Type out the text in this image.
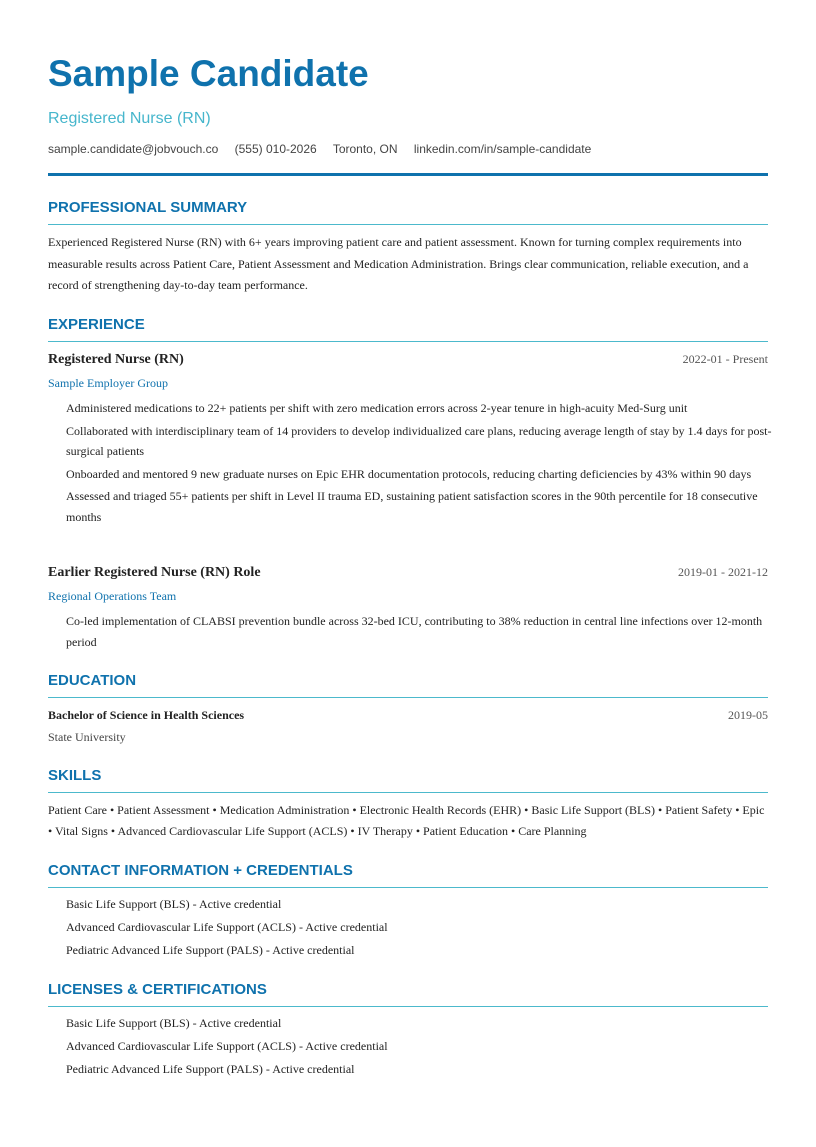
Sample Candidate
Registered Nurse (RN)
sample.candidate@jobvouch.co (555) 010-2026 Toronto, ON linkedin.com/in/sample-candidate
PROFESSIONAL SUMMARY
Experienced Registered Nurse (RN) with 6+ years improving patient care and patient assessment. Known for turning complex requirements into measurable results across Patient Care, Patient Assessment and Medication Administration. Brings clear communication, reliable execution, and a record of strengthening day-to-day team performance.
EXPERIENCE
Registered Nurse (RN)	2022-01 - Present
Sample Employer Group
Administered medications to 22+ patients per shift with zero medication errors across 2-year tenure in high-acuity Med-Surg unit
Collaborated with interdisciplinary team of 14 providers to develop individualized care plans, reducing average length of stay by 1.4 days for post-surgical patients
Onboarded and mentored 9 new graduate nurses on Epic EHR documentation protocols, reducing charting deficiencies by 43% within 90 days
Assessed and triaged 55+ patients per shift in Level II trauma ED, sustaining patient satisfaction scores in the 90th percentile for 18 consecutive months
Earlier Registered Nurse (RN) Role	2019-01 - 2021-12
Regional Operations Team
Co-led implementation of CLABSI prevention bundle across 32-bed ICU, contributing to 38% reduction in central line infections over 12-month period
EDUCATION
Bachelor of Science in Health Sciences	2019-05
State University
SKILLS
Patient Care • Patient Assessment • Medication Administration • Electronic Health Records (EHR) • Basic Life Support (BLS) • Patient Safety • Epic • Vital Signs • Advanced Cardiovascular Life Support (ACLS) • IV Therapy • Patient Education • Care Planning
CONTACT INFORMATION + CREDENTIALS
Basic Life Support (BLS) - Active credential
Advanced Cardiovascular Life Support (ACLS) - Active credential
Pediatric Advanced Life Support (PALS) - Active credential
LICENSES & CERTIFICATIONS
Basic Life Support (BLS) - Active credential
Advanced Cardiovascular Life Support (ACLS) - Active credential
Pediatric Advanced Life Support (PALS) - Active credential
